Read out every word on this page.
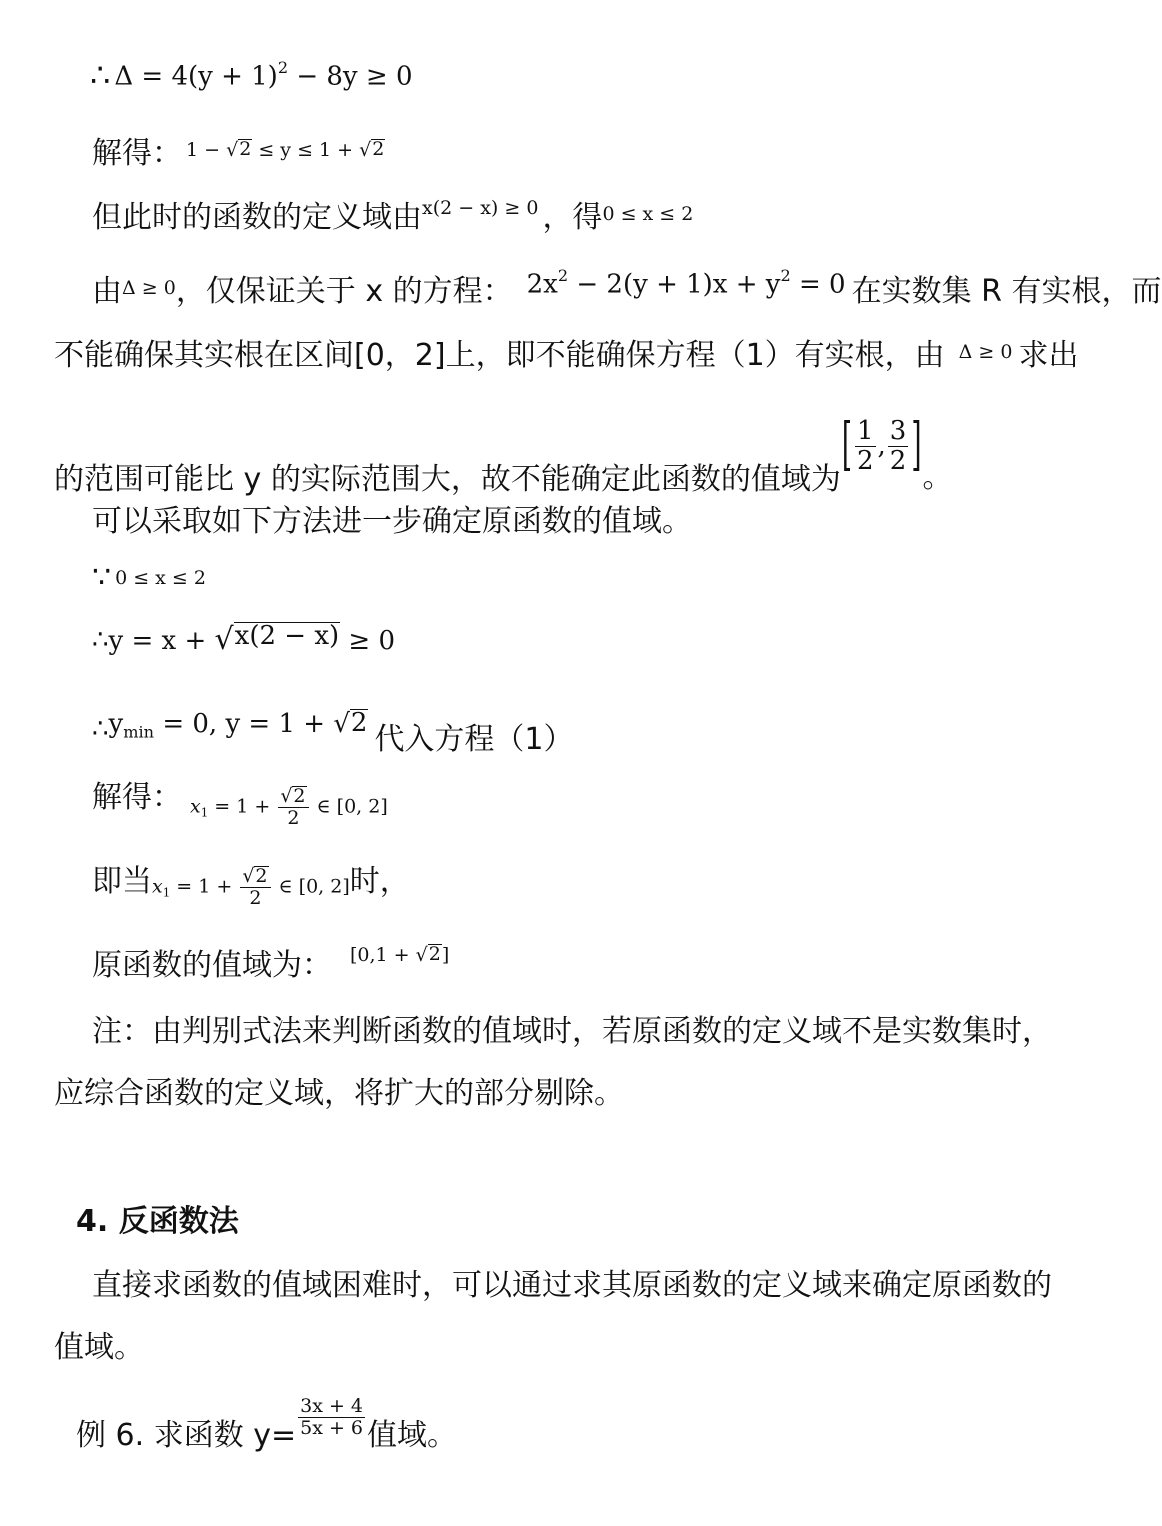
∴ $\Delta = 4(y + 1)^2 - 8y \ge 0$
解得： 1 − √ 2 ≤ y ≤ 1 + √ 2
但此时的函数的定义域由 x(2 − x) ≥ 0 ，得 0 ≤ x ≤ 2
由 Δ ≥ 0 ，仅保证关于 x 的方程： $2x^2 - 2(y + 1)x + y^2 = 0$ 在实数集 R 有实根，而
不能确保其实根在区间[0，2]上，即不能确保方程（1）有实根，由 Δ ≥ 0 求出
的范围可能比 y 的实际范围大，故不能确定此函数的值域为
[ $\frac{1}{2}$ , $\frac{3}{2}$ ] 。
可以采取如下方法进一步确定原函数的值域。
∵ 0 ≤ x ≤ 2
∴ y = x + √ x(2 − x) ≥ 0
∴ $y_{min} = 0$, y = 1 + √ 2 代入方程（1）
解得： $x_1 = 1 + \frac{√ 2}{2}$ ∈ [0, 2]
即当 $x_1 = 1 + \frac{√ 2}{2}$ ∈ [0, 2] 时，
原函数的值域为： [0,1 + √ 2 ]
注：由判别式法来判断函数的值域时，若原函数的定义域不是实数集时，
应综合函数的定义域，将扩大的部分剔除。
4. 反函数法
直接求函数的值域困难时，可以通过求其原函数的定义域来确定原函数的
值域。
例 6. 求函数 $y= \frac{3x + 4}{5x + 6}$ 值域。
